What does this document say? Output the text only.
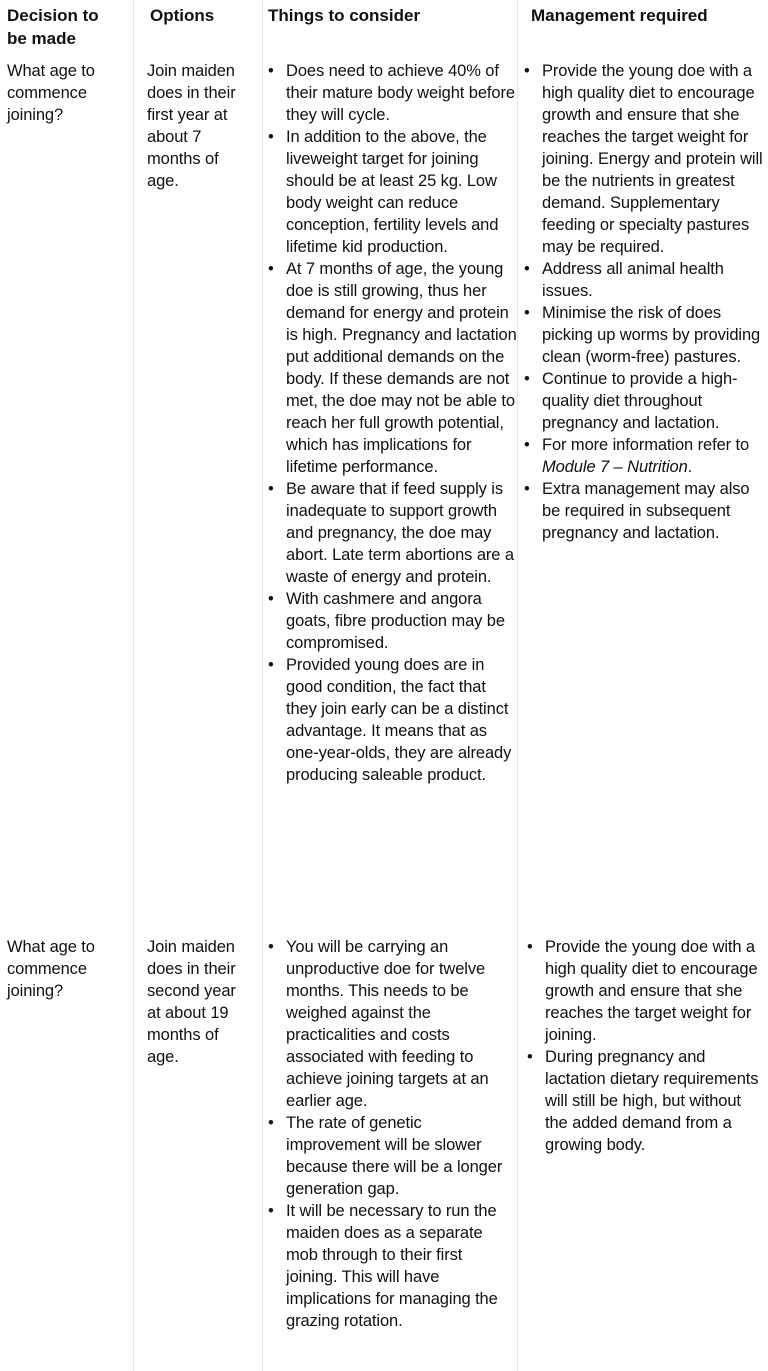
Decision to be made
Options	Things to consider	Management required
What age to commence joining?
Join maiden does in their first year at about 7 months of age.
• Does need to achieve 40% of their mature body weight before they will cycle.
• In addition to the above, the liveweight target for joining should be at least 25 kg. Low body weight can reduce conception, fertility levels and lifetime kid production.
• At 7 months of age, the young doe is still growing, thus her demand for energy and protein is high. Pregnancy and lactation put additional demands on the body. If these demands are not met, the doe may not be able to reach her full growth potential, which has implications for lifetime performance.
• Be aware that if feed supply is inadequate to support growth and pregnancy, the doe may abort. Late term abortions are a waste of energy and protein.
• With cashmere and angora goats, fibre production may be compromised.
• Provided young does are in good condition, the fact that they join early can be a distinct advantage. It means that as one-year-olds, they are already producing saleable product.
• Provide the young doe with a high quality diet to encourage growth and ensure that she reaches the target weight for joining. Energy and protein will be the nutrients in greatest demand. Supplementary feeding or specialty pastures may be required.
• Address all animal health issues.
• Minimise the risk of does picking up worms by providing clean (worm-free) pastures.
• Continue to provide a high-quality diet throughout pregnancy and lactation.
• For more information refer to Module 7 – Nutrition.
• Extra management may also be required in subsequent pregnancy and lactation.
What age to commence joining?
Join maiden does in their second year at about 19 months of age.
• You will be carrying an unproductive doe for twelve months. This needs to be weighed against the practicalities and costs associated with feeding to achieve joining targets at an earlier age.
• The rate of genetic improvement will be slower because there will be a longer generation gap.
• It will be necessary to run the maiden does as a separate mob through to their first joining. This will have implications for managing the grazing rotation.
• Provide the young doe with a high quality diet to encourage growth and ensure that she reaches the target weight for joining.
• During pregnancy and lactation dietary requirements will still be high, but without the added demand from a growing body.
